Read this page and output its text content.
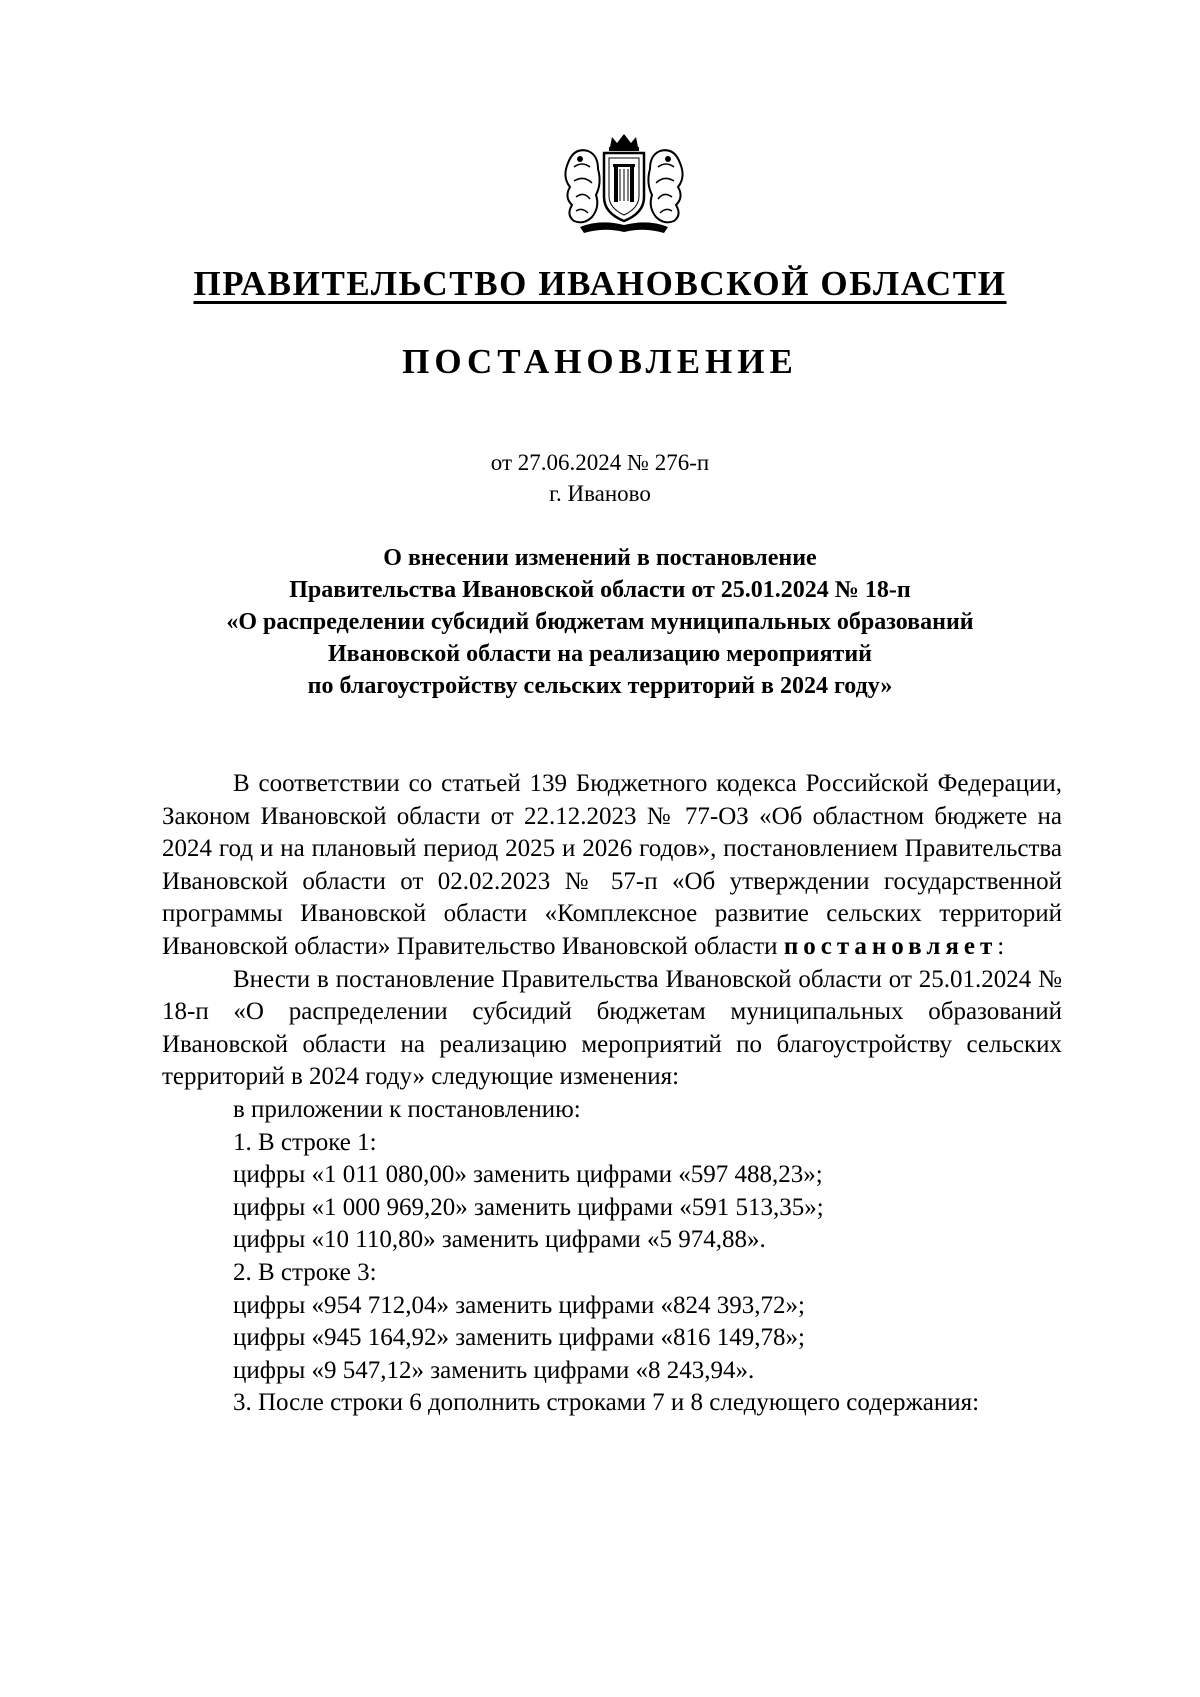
ПРАВИТЕЛЬСТВО ИВАНОВСКОЙ ОБЛАСТИ
ПОСТАНОВЛЕНИЕ
от 27.06.2024 № 276-п
г. Иваново
О внесении изменений в постановление
Правительства Ивановской области от 25.01.2024 № 18-п
«О распределении субсидий бюджетам муниципальных образований
Ивановской области на реализацию мероприятий
по благоустройству сельских территорий в 2024 году»

В соответствии со статьей 139 Бюджетного кодекса Российской Федерации, Законом Ивановской области от 22.12.2023 № 77-ОЗ «Об областном бюджете на 2024 год и на плановый период 2025 и 2026 годов», постановлением Правительства Ивановской области от 02.02.2023 № 57-п «Об утверждении государственной программы Ивановской области «Комплексное развитие сельских территорий Ивановской области» Правительство Ивановской области постановляет:

Внести в постановление Правительства Ивановской области от 25.01.2024 № 18-п «О распределении субсидий бюджетам муниципальных образований Ивановской области на реализацию мероприятий по благоустройству сельских территорий в 2024 году» следующие изменения:

в приложении к постановлению:

1. В строке 1:

цифры «1 011 080,00» заменить цифрами «597 488,23»;

цифры «1 000 969,20» заменить цифрами «591 513,35»;

цифры «10 110,80» заменить цифрами «5 974,88».

2. В строке 3:

цифры «954 712,04» заменить цифрами «824 393,72»;

цифры «945 164,92» заменить цифрами «816 149,78»;

цифры «9 547,12» заменить цифрами «8 243,94».

3. После строки 6 дополнить строками 7 и 8 следующего содержания:
